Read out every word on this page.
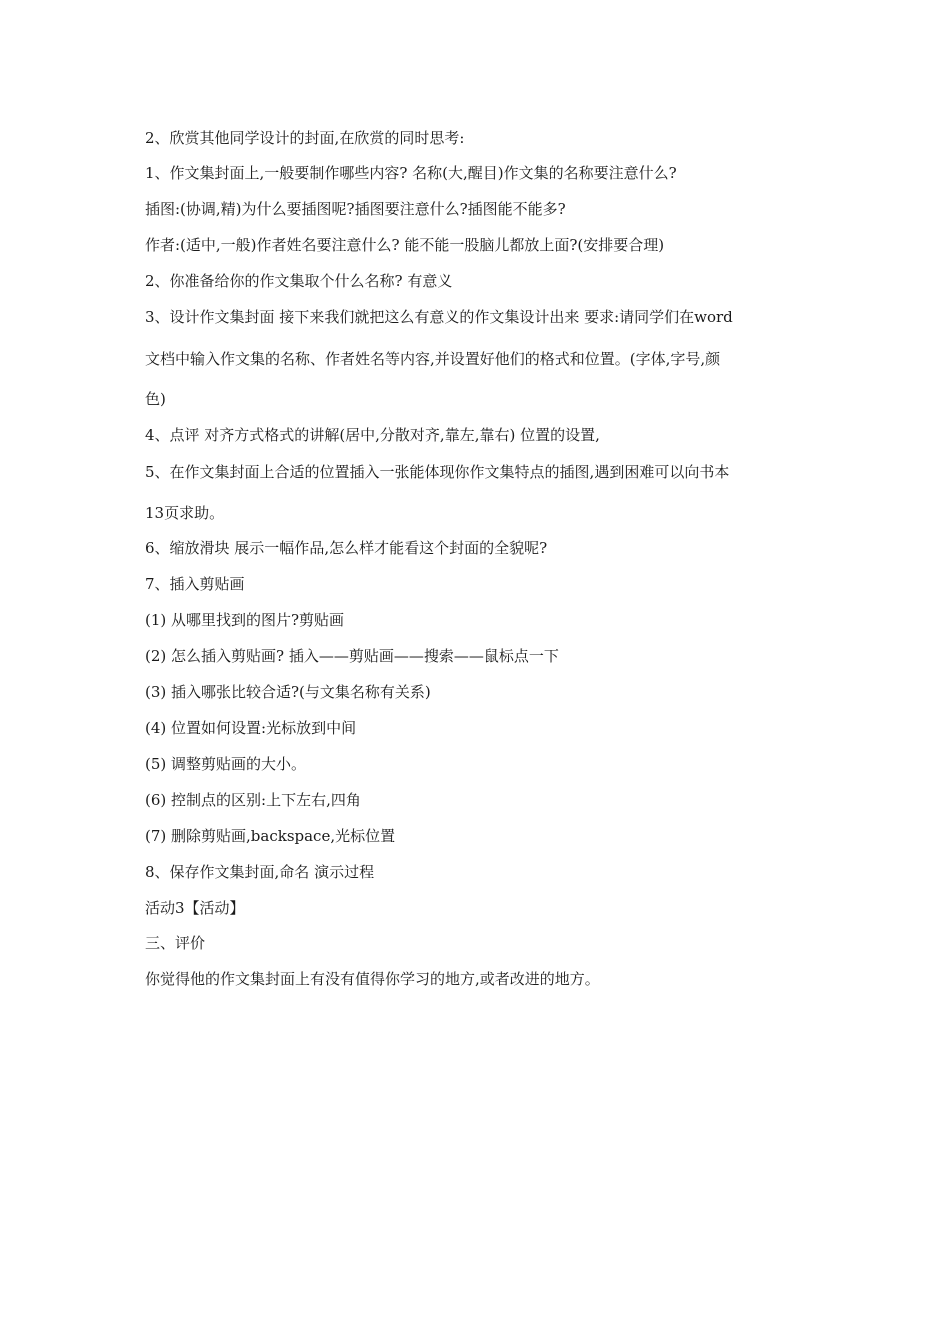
2、欣赏其他同学设计的封面,在欣赏的同时思考:
1、作文集封面上,一般要制作哪些内容? 名称(大,醒目)作文集的名称要注意什么?
插图:(协调,精)为什么要插图呢?插图要注意什么?插图能不能多?
作者:(适中,一般)作者姓名要注意什么? 能不能一股脑儿都放上面?(安排要合理)
2、你准备给你的作文集取个什么名称? 有意义
3、设计作文集封面 接下来我们就把这么有意义的作文集设计出来 要求:请同学们在word
文档中输入作文集的名称、作者姓名等内容,并设置好他们的格式和位置。(字体,字号,颜
色)
4、点评 对齐方式格式的讲解(居中,分散对齐,靠左,靠右) 位置的设置,
5、在作文集封面上合适的位置插入一张能体现你作文集特点的插图,遇到困难可以向书本
13页求助。
6、缩放滑块 展示一幅作品,怎么样才能看这个封面的全貌呢?
7、插入剪贴画
(1) 从哪里找到的图片?剪贴画
(2) 怎么插入剪贴画? 插入——剪贴画——搜索——鼠标点一下
(3) 插入哪张比较合适?(与文集名称有关系)
(4) 位置如何设置:光标放到中间
(5) 调整剪贴画的大小。
(6) 控制点的区别:上下左右,四角
(7) 删除剪贴画,backspace,光标位置
8、保存作文集封面,命名 演示过程
活动3【活动】
三、评价
你觉得他的作文集封面上有没有值得你学习的地方,或者改进的地方。
